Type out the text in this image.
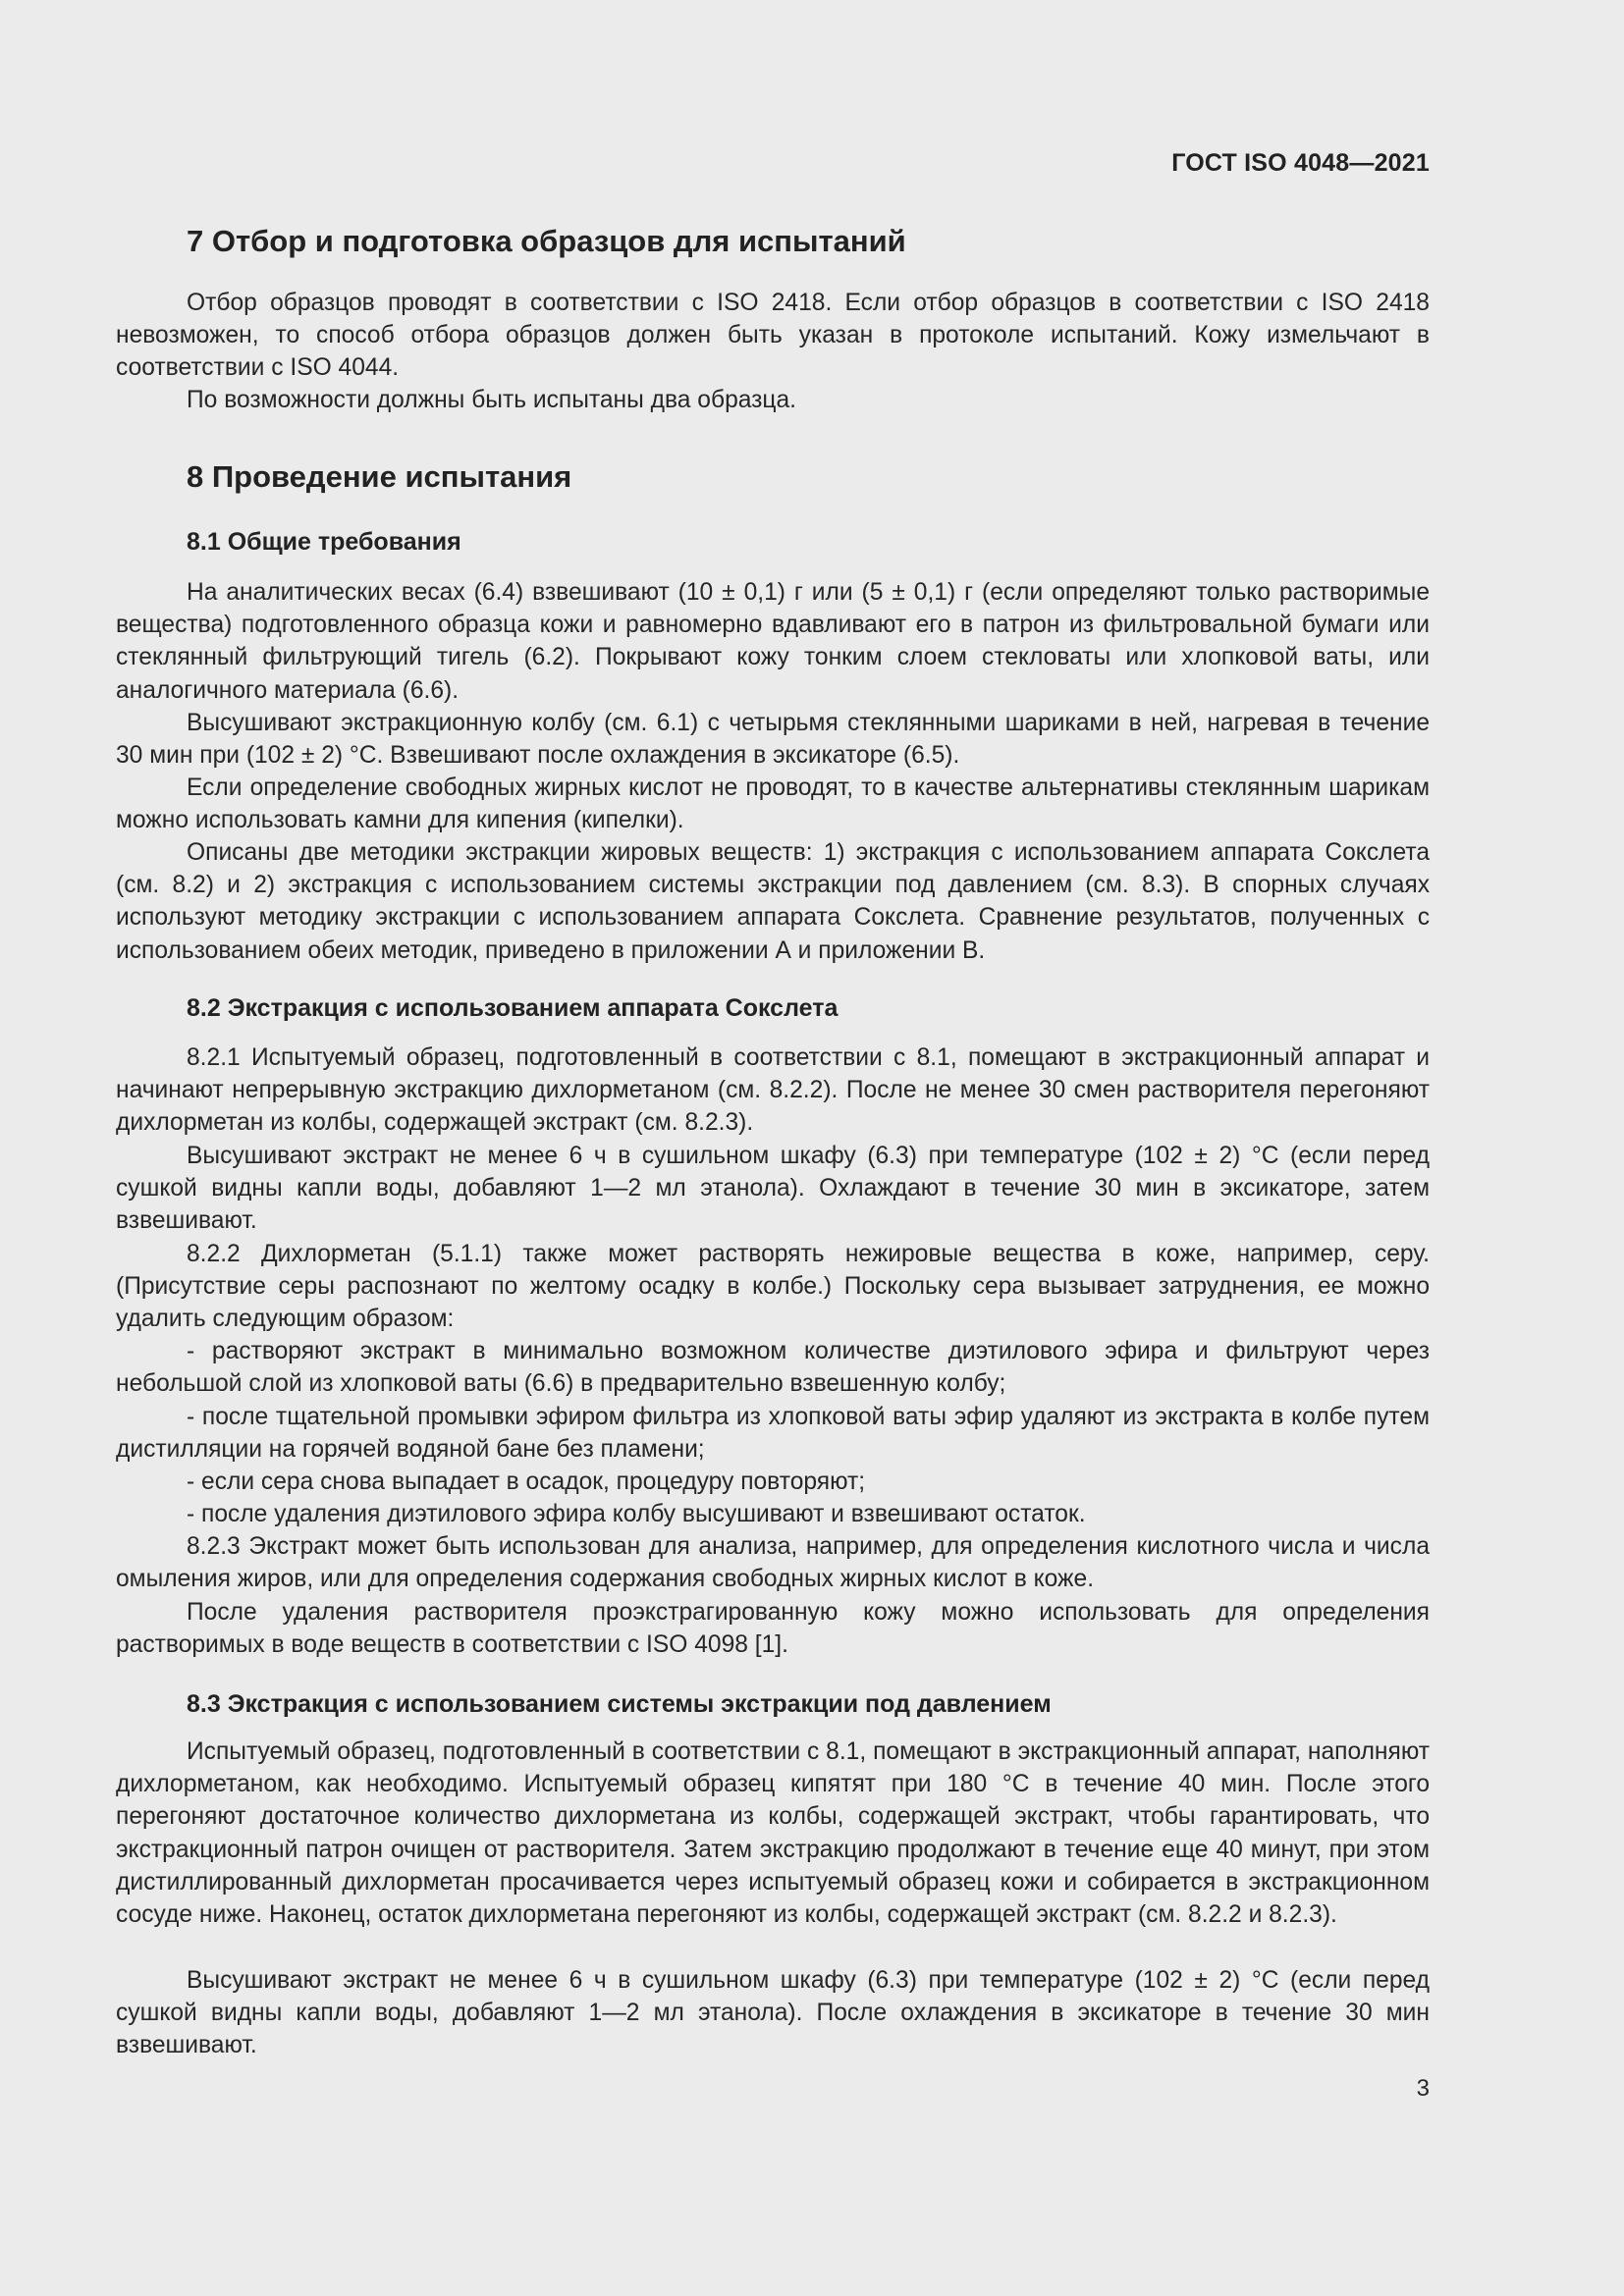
ГОСТ ISO 4048—2021
7 Отбор и подготовка образцов для испытаний

Отбор образцов проводят в соответствии с ISO 2418. Если отбор образцов в соответствии с ISO 2418 невозможен, то способ отбора образцов должен быть указан в протоколе испытаний. Кожу измельчают в соответствии с ISO 4044.

По возможности должны быть испытаны два образца.

8 Проведение испытания
8.1 Общие требования

На аналитических весах (6.4) взвешивают (10 ± 0,1) г или (5 ± 0,1) г (если определяют только растворимые вещества) подготовленного образца кожи и равномерно вдавливают его в патрон из фильтровальной бумаги или стеклянный фильтрующий тигель (6.2). Покрывают кожу тонким слоем стекловаты или хлопковой ваты, или аналогичного материала (6.6).

Высушивают экстракционную колбу (см. 6.1) с четырьмя стеклянными шариками в ней, нагревая в течение 30 мин при (102 ± 2) °С. Взвешивают после охлаждения в эксикаторе (6.5).

Если определение свободных жирных кислот не проводят, то в качестве альтернативы стеклянным шарикам можно использовать камни для кипения (кипелки).

Описаны две методики экстракции жировых веществ: 1) экстракция с использованием аппарата Сокслета (см. 8.2) и 2) экстракция с использованием системы экстракции под давлением (см. 8.3). В спорных случаях используют методику экстракции с использованием аппарата Сокслета. Сравнение результатов, полученных с использованием обеих методик, приведено в приложении А и приложении В.

8.2 Экстракция с использованием аппарата Сокслета

8.2.1 Испытуемый образец, подготовленный в соответствии с 8.1, помещают в экстракционный аппарат и начинают непрерывную экстракцию дихлорметаном (см. 8.2.2). После не менее 30 смен растворителя перегоняют дихлорметан из колбы, содержащей экстракт (см. 8.2.3).

Высушивают экстракт не менее 6 ч в сушильном шкафу (6.3) при температуре (102 ± 2) °С (если перед сушкой видны капли воды, добавляют 1—2 мл этанола). Охлаждают в течение 30 мин в эксикаторе, затем взвешивают.

8.2.2 Дихлорметан (5.1.1) также может растворять нежировые вещества в коже, например, серу. (Присутствие серы распознают по желтому осадку в колбе.) Поскольку сера вызывает затруднения, ее можно удалить следующим образом:

- растворяют экстракт в минимально возможном количестве диэтилового эфира и фильтруют через небольшой слой из хлопковой ваты (6.6) в предварительно взвешенную колбу;

- после тщательной промывки эфиром фильтра из хлопковой ваты эфир удаляют из экстракта в колбе путем дистилляции на горячей водяной бане без пламени;

- если сера снова выпадает в осадок, процедуру повторяют;

- после удаления диэтилового эфира колбу высушивают и взвешивают остаток.

8.2.3 Экстракт может быть использован для анализа, например, для определения кислотного числа и числа омыления жиров, или для определения содержания свободных жирных кислот в коже.

После удаления растворителя проэкстрагированную кожу можно использовать для определения растворимых в воде веществ в соответствии с ISO 4098 [1].

8.3 Экстракция с использованием системы экстракции под давлением

Испытуемый образец, подготовленный в соответствии с 8.1, помещают в экстракционный аппарат, наполняют дихлорметаном, как необходимо. Испытуемый образец кипятят при 180 °С в течение 40 мин. После этого перегоняют достаточное количество дихлорметана из колбы, содержащей экстракт, чтобы гарантировать, что экстракционный патрон очищен от растворителя. Затем экстракцию продолжают в течение еще 40 минут, при этом дистиллированный дихлорметан просачивается через испытуемый образец кожи и собирается в экстракционном сосуде ниже. Наконец, остаток дихлорметана перегоняют из колбы, содержащей экстракт (см. 8.2.2 и 8.2.3).

Высушивают экстракт не менее 6 ч в сушильном шкафу (6.3) при температуре (102 ± 2) °С (если перед сушкой видны капли воды, добавляют 1—2 мл этанола). После охлаждения в эксикаторе в течение 30 мин взвешивают.

3
